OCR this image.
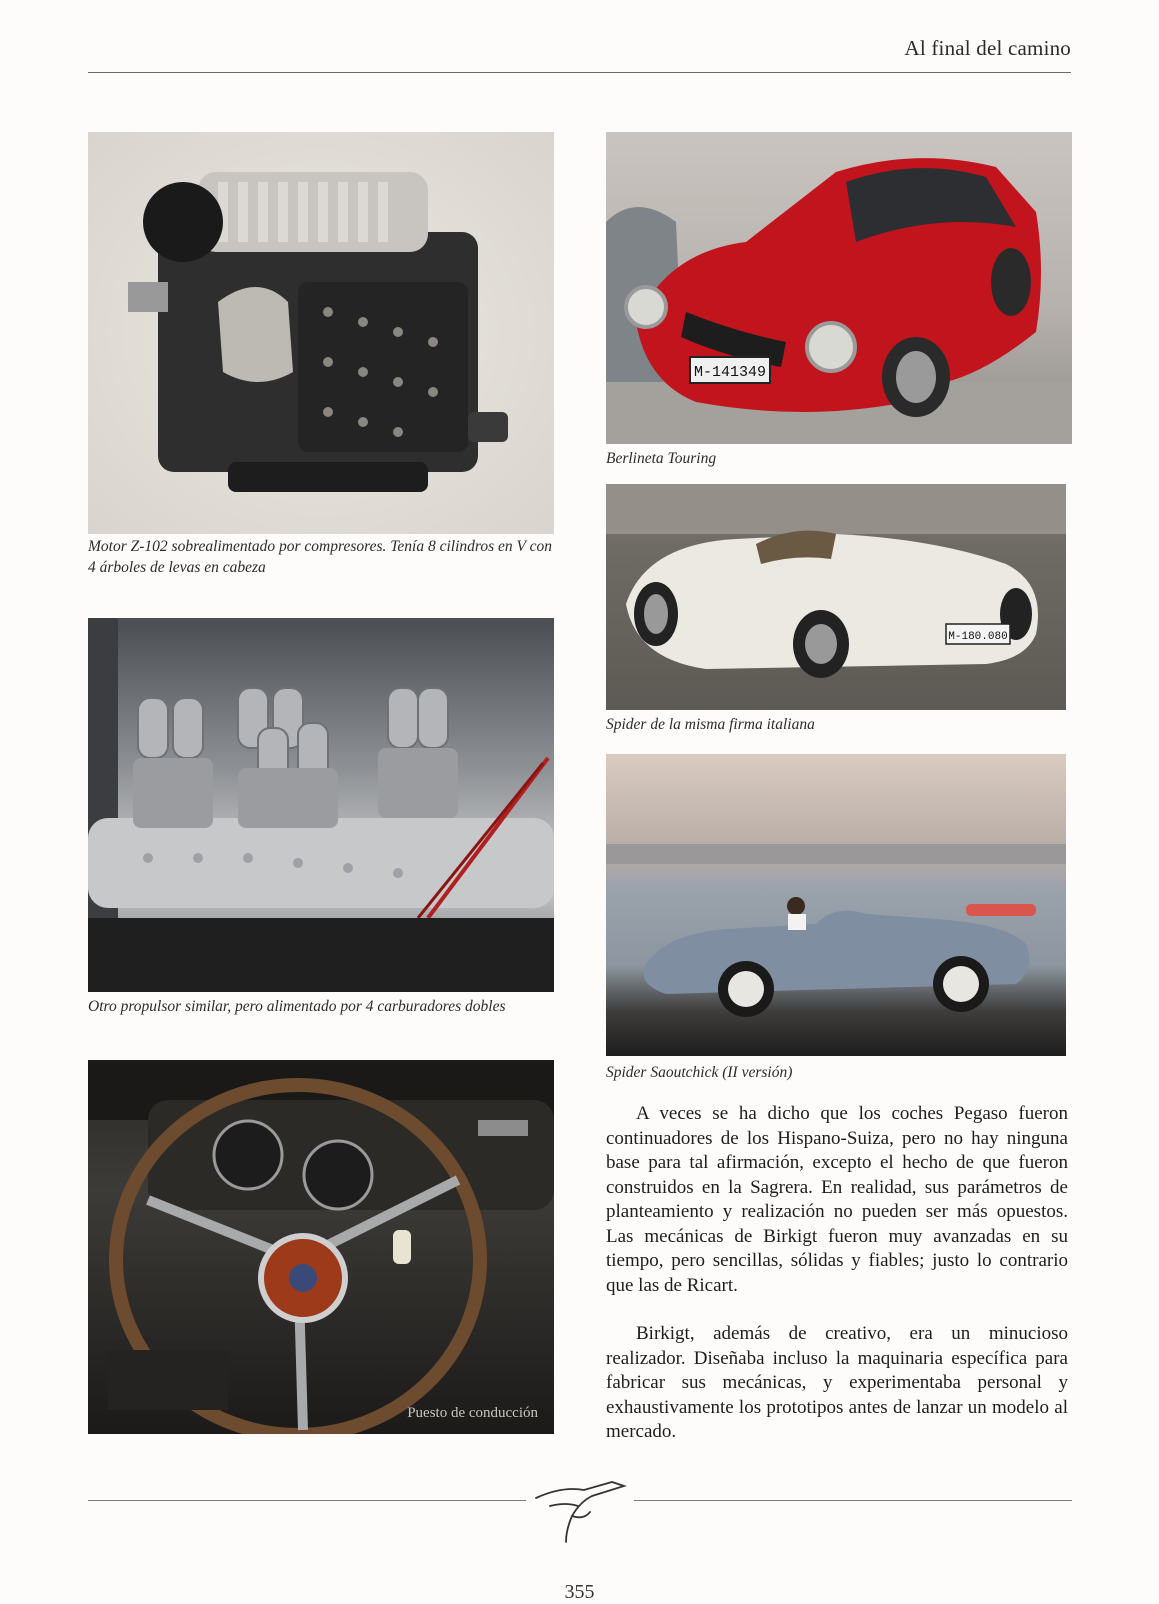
Al final del camino
Motor Z-102 sobrealimentado por compresores. Tenía 8 cilindros en V con 4 árboles de levas en cabeza
Otro propulsor similar, pero alimentado por 4 carburadores dobles
Puesto de conducción
M-141349
Berlineta Touring
M-180.080
Spider de la misma firma italiana
Spider Saoutchick (II versión)

A veces se ha dicho que los coches Pegaso fueron continuadores de los Hispano-Suiza, pero no hay ninguna base para tal afirmación, excepto el hecho de que fueron construidos en la Sagrera. En realidad, sus parámetros de planteamiento y realización no pueden ser más opuestos. Las mecánicas de Birkigt fueron muy avanzadas en su tiempo, pero sencillas, sólidas y fiables; justo lo contrario que las de Ricart.

Birkigt, además de creativo, era un minucioso realizador. Diseñaba incluso la maquinaria específica para fabricar sus mecánicas, y experimentaba personal y exhaustivamente los prototipos antes de lanzar un modelo al mercado.

355
